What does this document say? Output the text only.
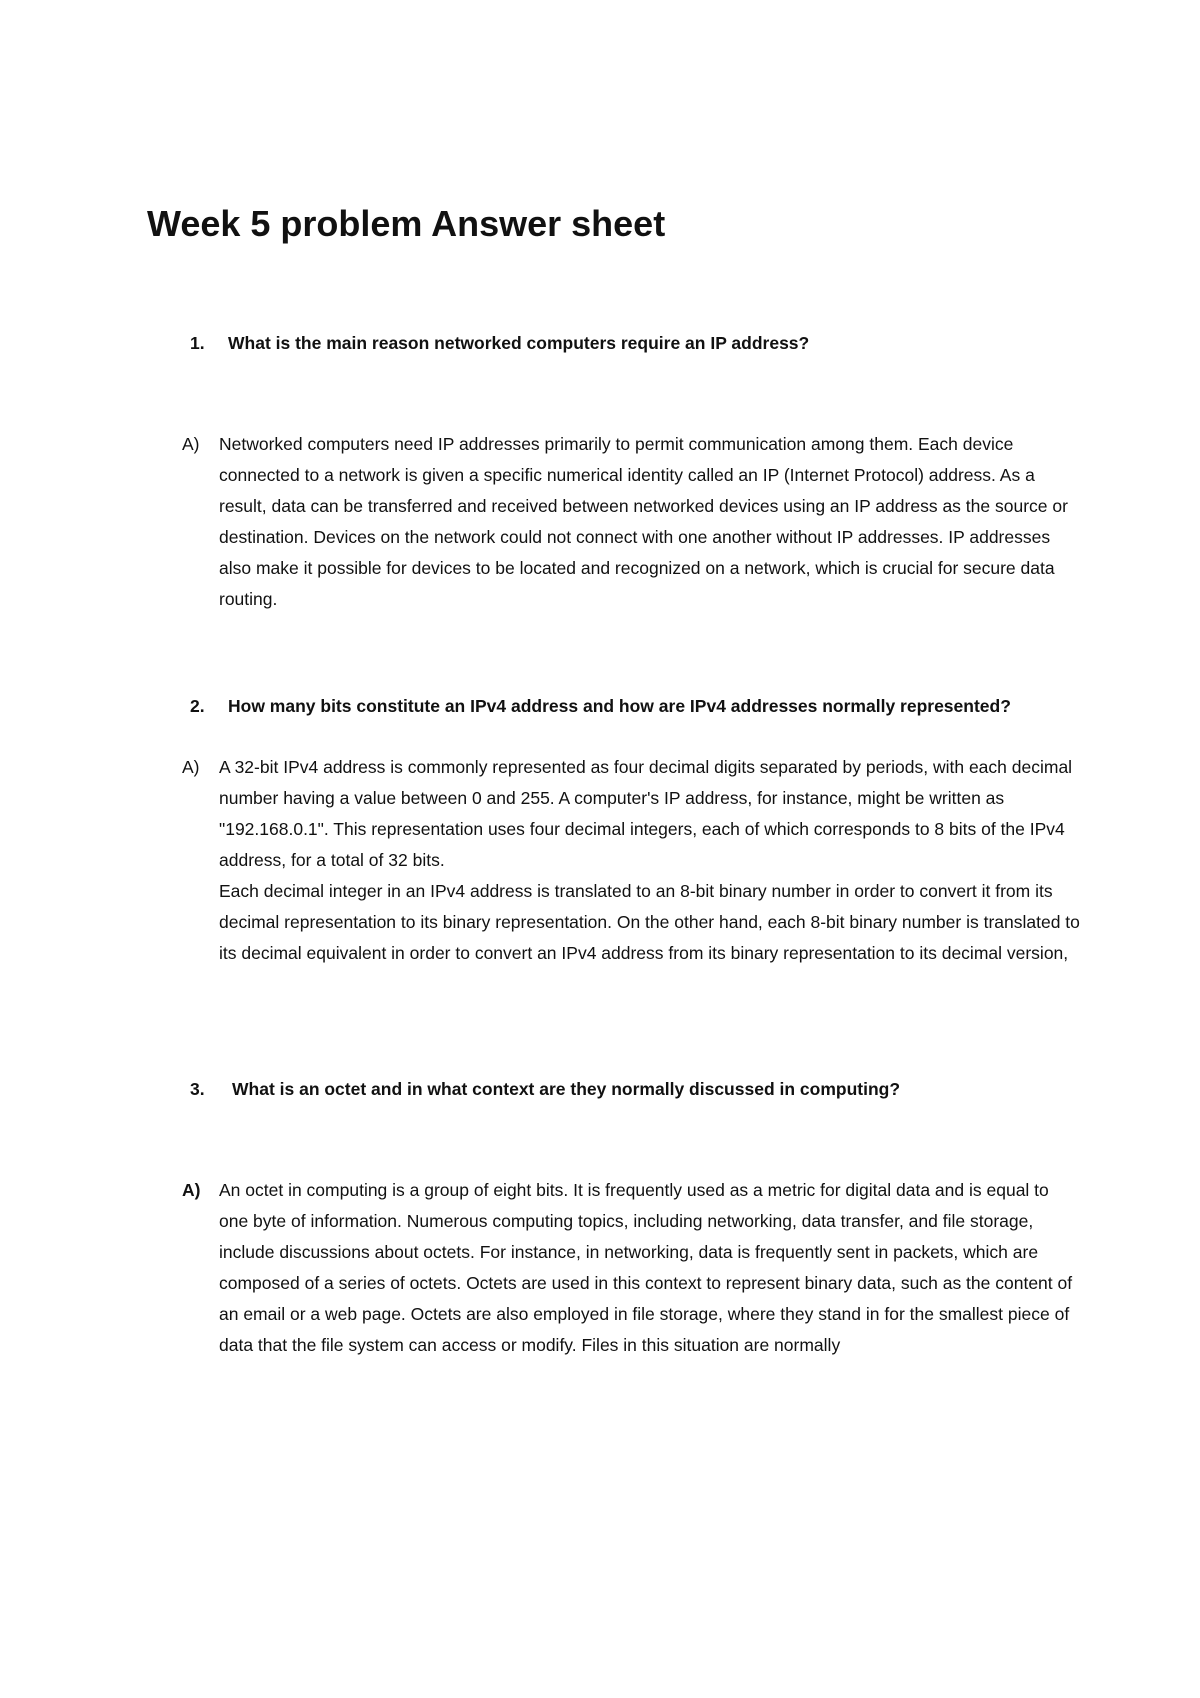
Week 5 problem Answer sheet
1. What is the main reason networked computers require an IP address?
A) Networked computers need IP addresses primarily to permit communication among them. Each device connected to a network is given a specific numerical identity called an IP (Internet Protocol) address. As a result, data can be transferred and received between networked devices using an IP address as the source or destination. Devices on the network could not connect with one another without IP addresses. IP addresses also make it possible for devices to be located and recognized on a network, which is crucial for secure data routing.

2. How many bits constitute an IPv4 address and how are IPv4 addresses normally represented?
A) A 32-bit IPv4 address is commonly represented as four decimal digits separated by periods, with each decimal number having a value between 0 and 255. A computer's IP address, for instance, might be written as "192.168.0.1". This representation uses four decimal integers, each of which corresponds to 8 bits of the IPv4 address, for a total of 32 bits.

Each decimal integer in an IPv4 address is translated to an 8-bit binary number in order to convert it from its decimal representation to its binary representation. On the other hand, each 8-bit binary number is translated to its decimal equivalent in order to convert an IPv4 address from its binary representation to its decimal version,

3. What is an octet and in what context are they normally discussed in computing?
A) An octet in computing is a group of eight bits. It is frequently used as a metric for digital data and is equal to one byte of information. Numerous computing topics, including networking, data transfer, and file storage, include discussions about octets. For instance, in networking, data is frequently sent in packets, which are composed of a series of octets. Octets are used in this context to represent binary data, such as the content of an email or a web page. Octets are also employed in file storage, where they stand in for the smallest piece of data that the file system can access or modify. Files in this situation are normally
